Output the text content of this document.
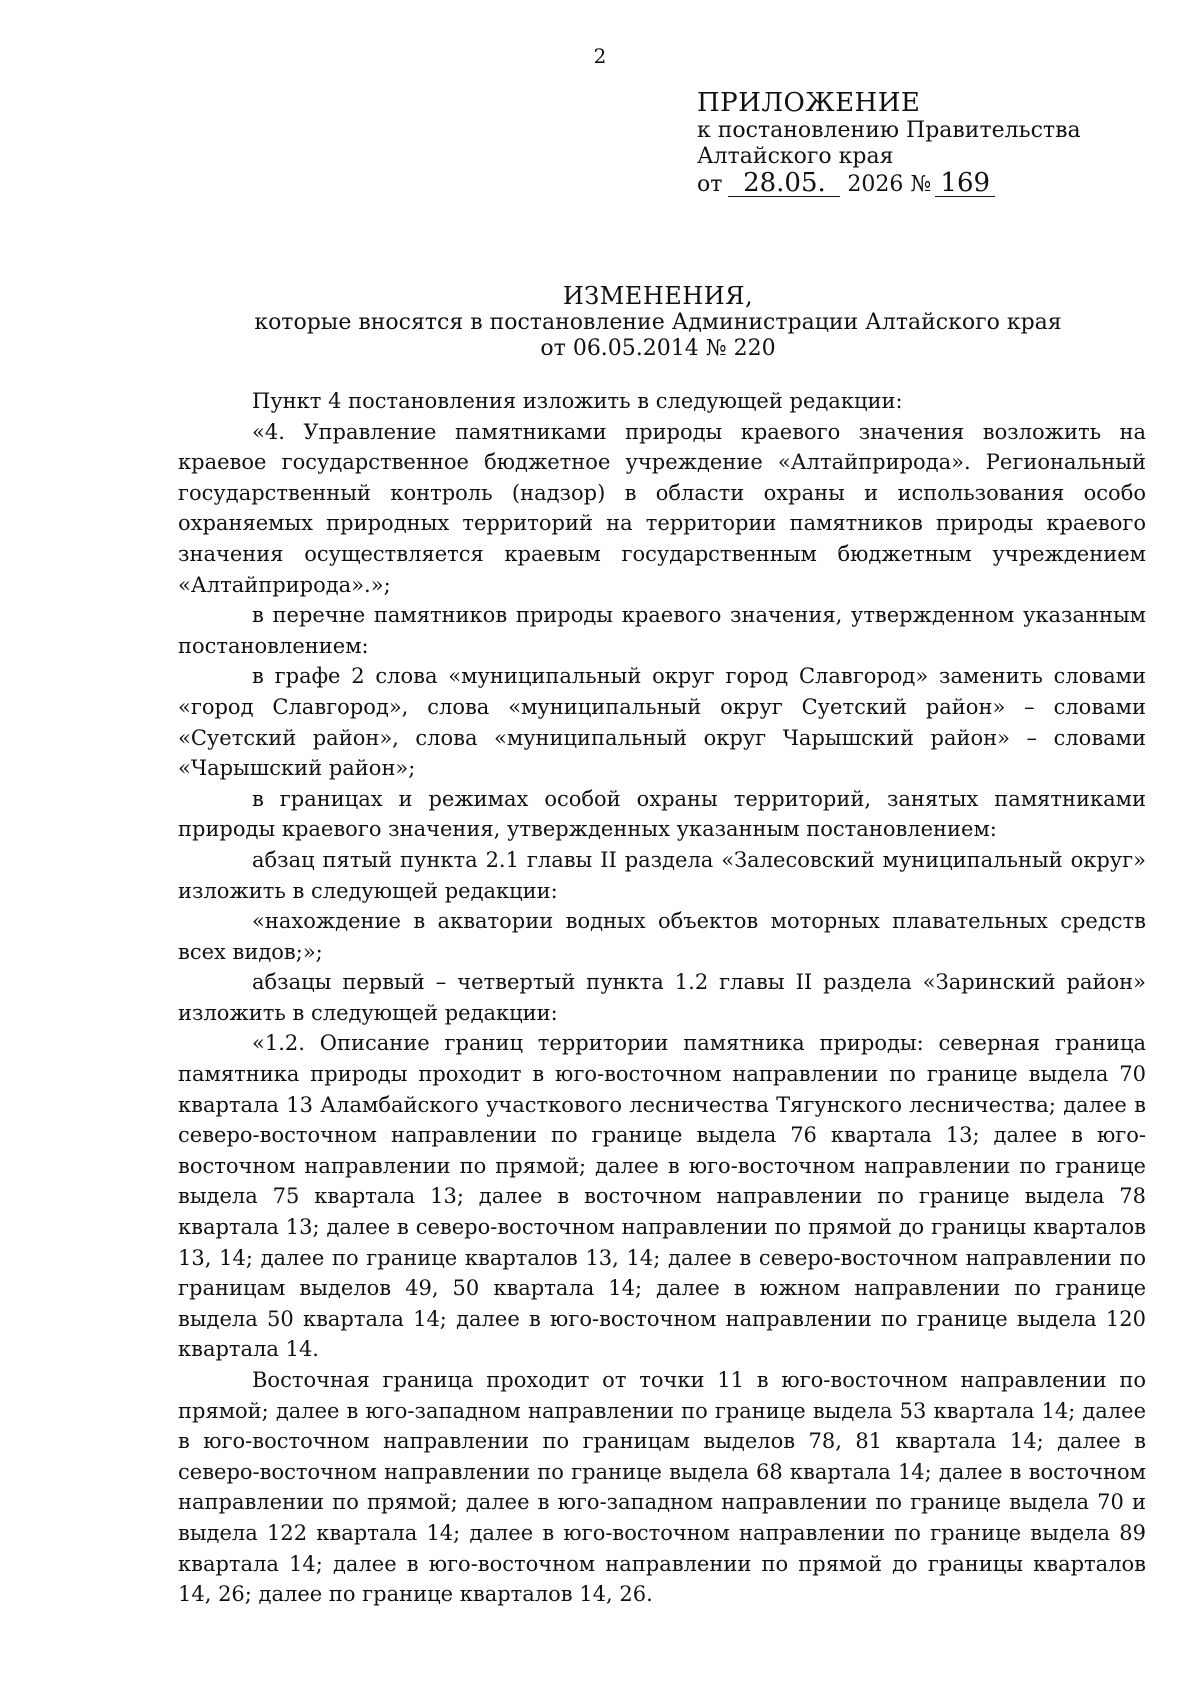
2
ПРИЛОЖЕНИЕ
к постановлению Правительства
Алтайского края
от 28.05. 2026 № 169
ИЗМЕНЕНИЯ,
которые вносятся в постановление Администрации Алтайского края
от 06.05.2014 № 220

Пункт 4 постановления изложить в следующей редакции:

«4. Управление памятниками природы краевого значения возложить на краевое государственное бюджетное учреждение «Алтайприрода». Региональный государственный контроль (надзор) в области охраны и использования особо охраняемых природных территорий на территории памятников природы краевого значения осуществляется краевым государственным бюджетным учреждением «Алтайприрода».»;

в перечне памятников природы краевого значения, утвержденном указанным постановлением:

в графе 2 слова «муниципальный округ город Славгород» заменить словами «город Славгород», слова «муниципальный округ Суетский район» – словами «Суетский район», слова «муниципальный округ Чарышский район» – словами «Чарышский район»;

в границах и режимах особой охраны территорий, занятых памятниками природы краевого значения, утвержденных указанным постановлением:

абзац пятый пункта 2.1 главы II раздела «Залесовский муниципальный округ» изложить в следующей редакции:

«нахождение в акватории водных объектов моторных плавательных средств всех видов;»;

абзацы первый – четвертый пункта 1.2 главы II раздела «Заринский район» изложить в следующей редакции:

«1.2. Описание границ территории памятника природы: северная граница памятника природы проходит в юго-восточном направлении по границе выдела 70 квартала 13 Аламбайского участкового лесничества Тягунского лесничества; далее в северо-восточном направлении по границе выдела 76 квартала 13; далее в юго-восточном направлении по прямой; далее в юго-восточном направлении по границе выдела 75 квартала 13; далее в восточном направлении по границе выдела 78 квартала 13; далее в северо-восточном направлении по прямой до границы кварталов 13, 14; далее по границе кварталов 13, 14; далее в северо-восточном направлении по границам выделов 49, 50 квартала 14; далее в южном направлении по границе выдела 50 квартала 14; далее в юго-восточном направлении по границе выдела 120 квартала 14.

Восточная граница проходит от точки 11 в юго-восточном направлении по прямой; далее в юго-западном направлении по границе выдела 53 квартала 14; далее в юго-восточном направлении по границам выделов 78, 81 квартала 14; далее в северо-восточном направлении по границе выдела 68 квартала 14; далее в восточном направлении по прямой; далее в юго-западном направлении по границе выдела 70 и выдела 122 квартала 14; далее в юго-восточном направлении по границе выдела 89 квартала 14; далее в юго-восточном направлении по прямой до границы кварталов 14, 26; далее по границе кварталов 14, 26.
